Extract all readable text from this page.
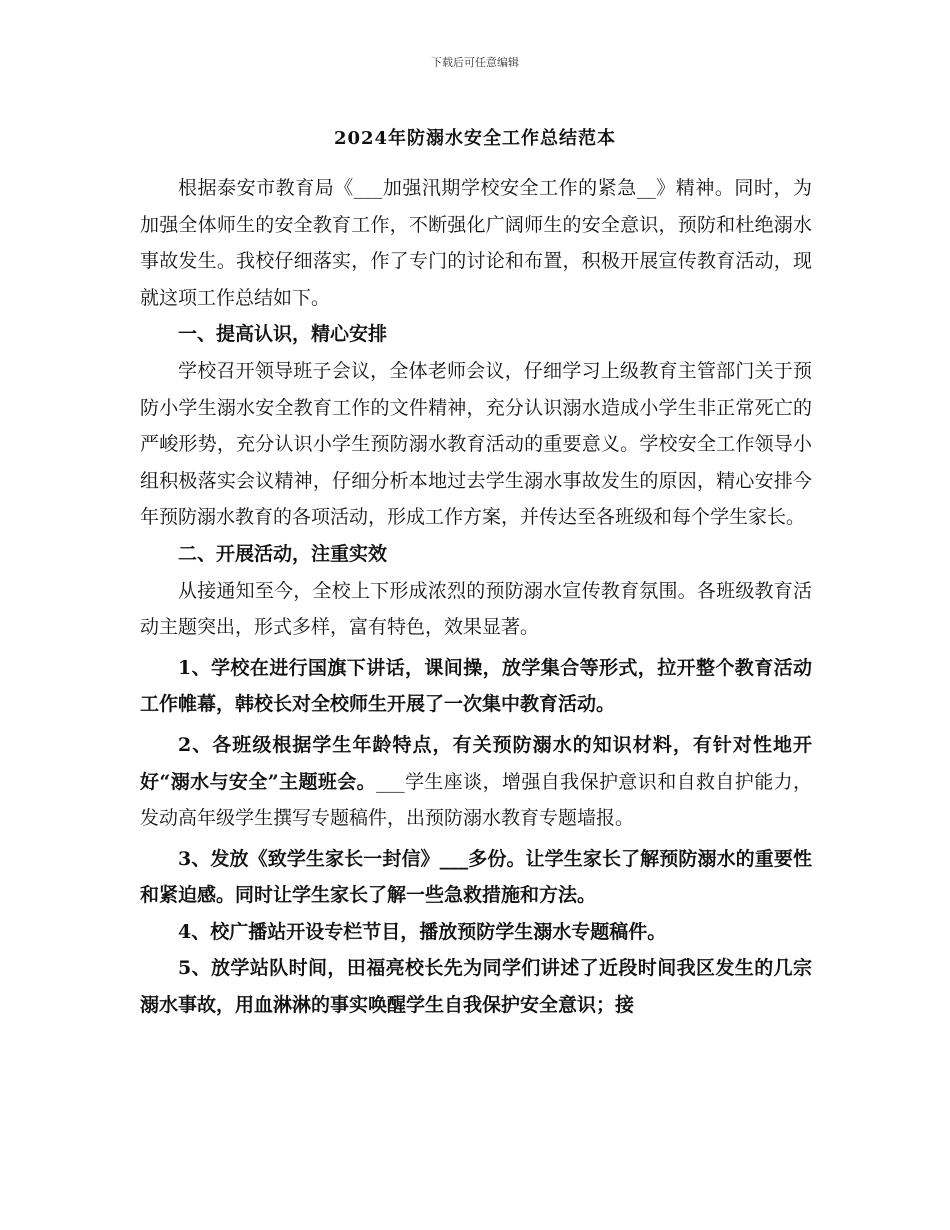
下载后可任意编辑
2024年防溺水安全工作总结范本

根据泰安市教育局《___加强汛期学校安全工作的紧急__》精神。同时，为加强全体师生的安全教育工作，不断强化广阔师生的安全意识，预防和杜绝溺水事故发生。我校仔细落实，作了专门的讨论和布置，积极开展宣传教育活动，现就这项工作总结如下。

一、提高认识，精心安排

学校召开领导班子会议，全体老师会议，仔细学习上级教育主管部门关于预防小学生溺水安全教育工作的文件精神，充分认识溺水造成小学生非正常死亡的严峻形势，充分认识小学生预防溺水教育活动的重要意义。学校安全工作领导小组积极落实会议精神，仔细分析本地过去学生溺水事故发生的原因，精心安排今年预防溺水教育的各项活动，形成工作方案，并传达至各班级和每个学生家长。

二、开展活动，注重实效

从接通知至今，全校上下形成浓烈的预防溺水宣传教育氛围。各班级教育活动主题突出，形式多样，富有特色，效果显著。

1、学校在进行国旗下讲话，课间操，放学集合等形式，拉开整个教育活动工作帷幕，韩校长对全校师生开展了一次集中教育活动。

2、各班级根据学生年龄特点，有关预防溺水的知识材料，有针对性地开好“溺水与安全”主题班会。___学生座谈，增强自我保护意识和自救自护能力，发动高年级学生撰写专题稿件，出预防溺水教育专题墙报。

3、发放《致学生家长一封信》___多份。让学生家长了解预防溺水的重要性和紧迫感。同时让学生家长了解一些急救措施和方法。

4、校广播站开设专栏节目，播放预防学生溺水专题稿件。

5、放学站队时间，田福亮校长先为同学们讲述了近段时间我区发生的几宗溺水事故，用血淋淋的事实唤醒学生自我保护安全意识；接
